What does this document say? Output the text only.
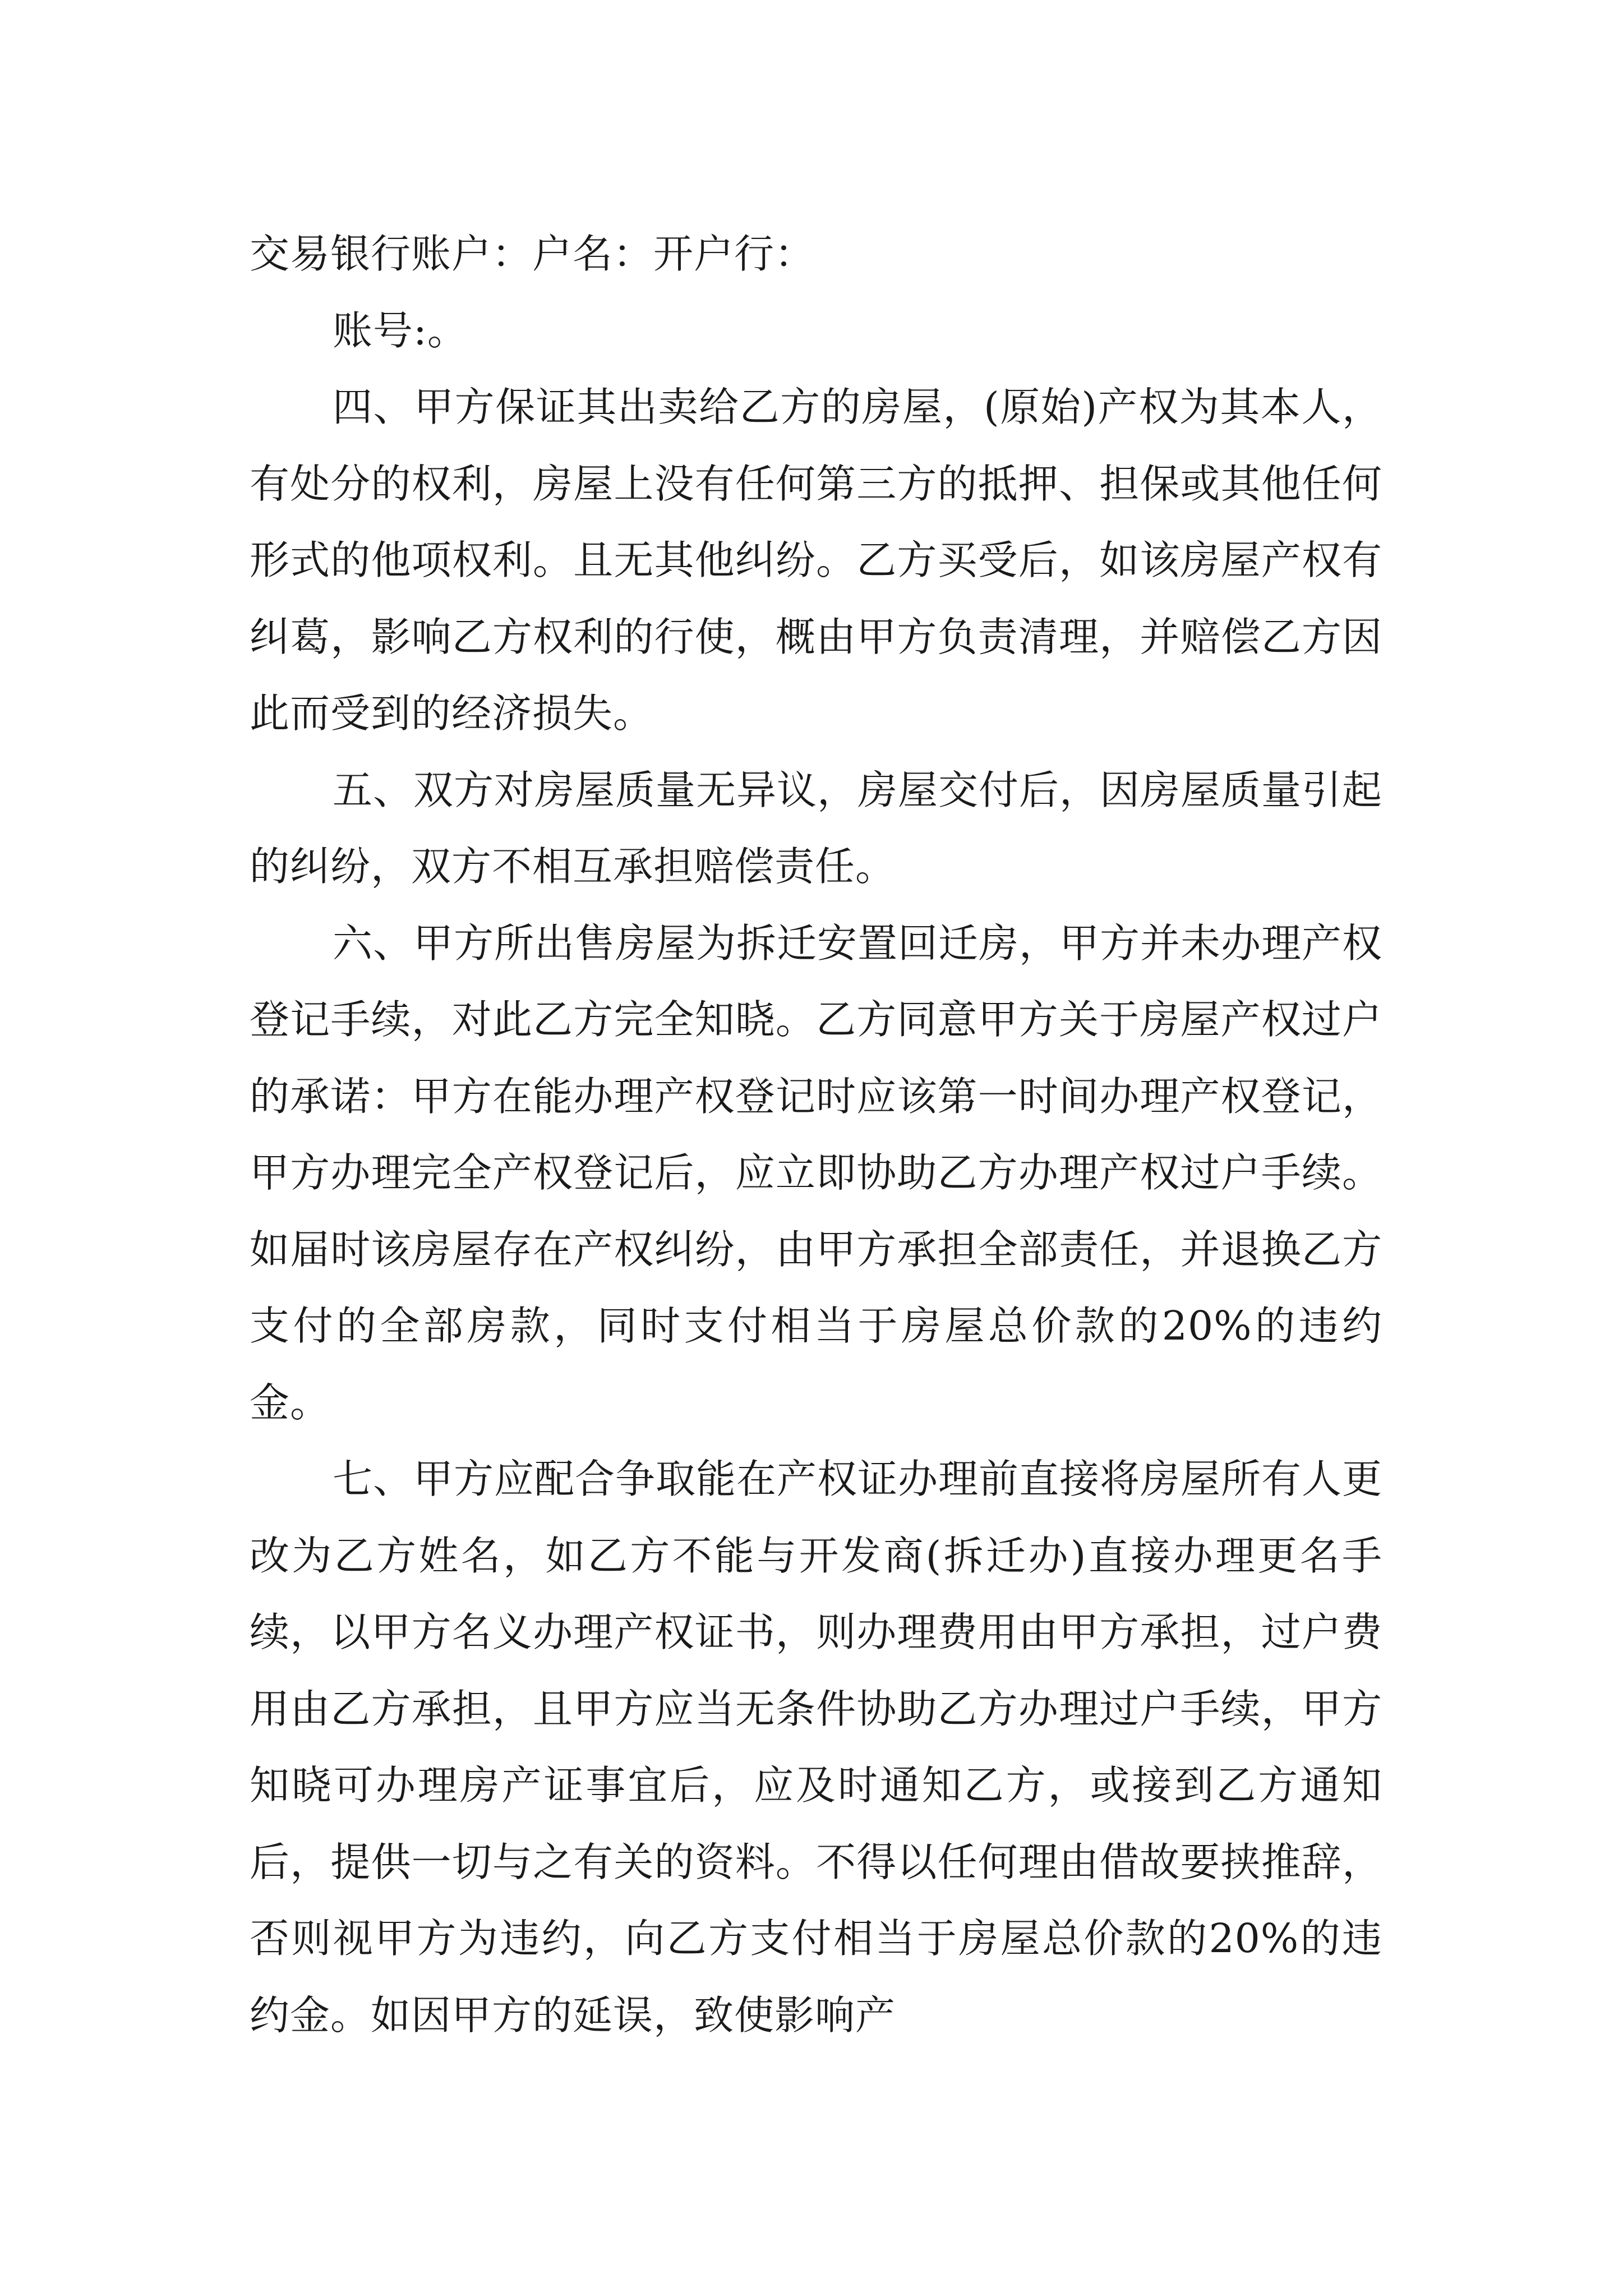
交易银行账户：户名：开户行：

账号:。

四、甲方保证其出卖给乙方的房屋，(原始)产权为其本人，有处分的权利，房屋上没有任何第三方的抵押、担保或其他任何形式的他项权利。且无其他纠纷。乙方买受后，如该房屋产权有纠葛，影响乙方权利的行使，概由甲方负责清理，并赔偿乙方因此而受到的经济损失。

五、双方对房屋质量无异议，房屋交付后，因房屋质量引起的纠纷，双方不相互承担赔偿责任。

六、甲方所出售房屋为拆迁安置回迁房，甲方并未办理产权登记手续，对此乙方完全知晓。乙方同意甲方关于房屋产权过户的承诺：甲方在能办理产权登记时应该第一时间办理产权登记，甲方办理完全产权登记后，应立即协助乙方办理产权过户手续。如届时该房屋存在产权纠纷，由甲方承担全部责任，并退换乙方支付的全部房款，同时支付相当于房屋总价款的20%的违约金。

七、甲方应配合争取能在产权证办理前直接将房屋所有人更改为乙方姓名，如乙方不能与开发商(拆迁办)直接办理更名手续，以甲方名义办理产权证书，则办理费用由甲方承担，过户费用由乙方承担，且甲方应当无条件协助乙方办理过户手续，甲方知晓可办理房产证事宜后，应及时通知乙方，或接到乙方通知后，提供一切与之有关的资料。不得以任何理由借故要挟推辞，否则视甲方为违约，向乙方支付相当于房屋总价款的20%的违约金。如因甲方的延误，致使影响产
